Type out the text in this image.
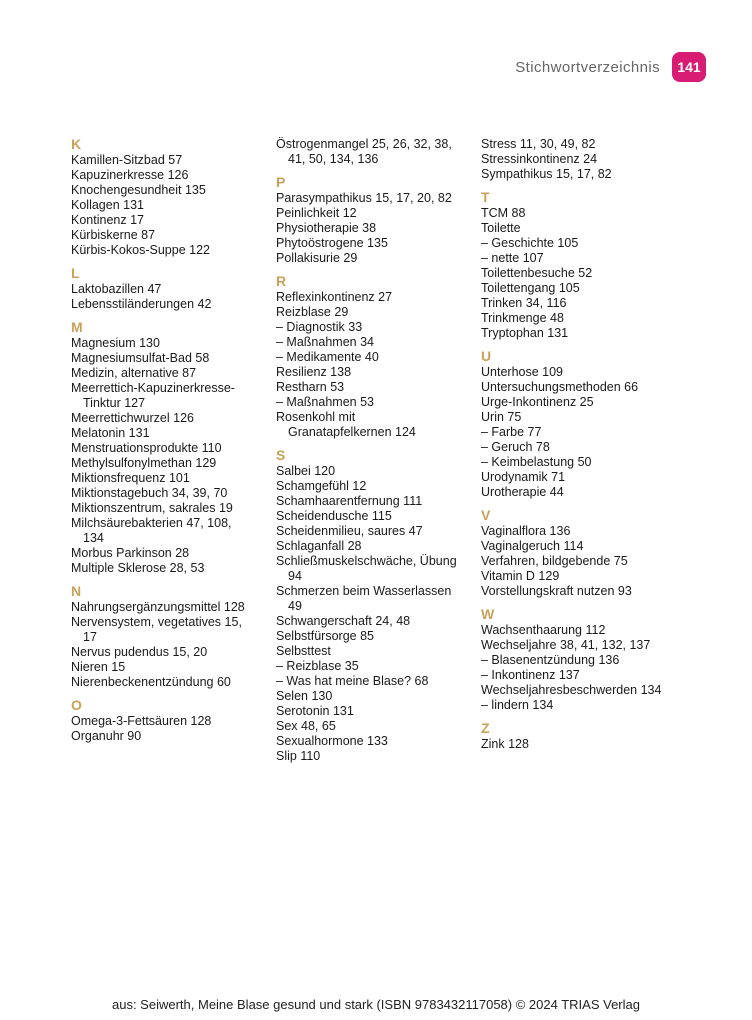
Stichwortverzeichnis	141
K
Kamillen-Sitzbad 57
Kapuzinerkresse 126
Knochengesundheit 135
Kollagen 131
Kontinenz 17
Kürbiskerne 87
Kürbis-Kokos-Suppe 122
L
Laktobazillen 47
Lebensstiländerungen 42
M
Magnesium 130
Magnesiumsulfat-Bad 58
Medizin, alternative 87
Meerrettich-Kapuzinerkresse-
Tinktur 127
Meerrettichwurzel 126
Melatonin 131
Menstruationsprodukte 110
Methylsulfonylmethan 129
Miktionsfrequenz 101
Miktionstagebuch 34, 39, 70
Miktionszentrum, sakrales 19
Milchsäurebakterien 47, 108,
134
Morbus Parkinson 28
Multiple Sklerose 28, 53
N
Nahrungsergänzungsmittel 128
Nervensystem, vegetatives 15,
17
Nervus pudendus 15, 20
Nieren 15
Nierenbeckenentzündung 60
O
Omega-3-Fettsäuren 128
Organuhr 90
Östrogenmangel 25, 26, 32, 38,
41, 50, 134, 136
P
Parasympathikus 15, 17, 20, 82
Peinlichkeit 12
Physiotherapie 38
Phytoöstrogene 135
Pollakisurie 29
R
Reflexinkontinenz 27
Reizblase 29
– Diagnostik 33
– Maßnahmen 34
– Medikamente 40
Resilienz 138
Restharn 53
– Maßnahmen 53
Rosenkohl mit
Granatapfelkernen 124
S
Salbei 120
Schamgefühl 12
Schamhaarentfernung 111
Scheidendusche 115
Scheidenmilieu, saures 47
Schlaganfall 28
Schließmuskelschwäche, Übung
94
Schmerzen beim Wasserlassen
49
Schwangerschaft 24, 48
Selbstfürsorge 85
Selbsttest
– Reizblase 35
– Was hat meine Blase? 68
Selen 130
Serotonin 131
Sex 48, 65
Sexualhormone 133
Slip 110
Stress 11, 30, 49, 82
Stressinkontinenz 24
Sympathikus 15, 17, 82
T
TCM 88
Toilette
– Geschichte 105
– nette 107
Toilettenbesuche 52
Toilettengang 105
Trinken 34, 116
Trinkmenge 48
Tryptophan 131
U
Unterhose 109
Untersuchungsmethoden 66
Urge-Inkontinenz 25
Urin 75
– Farbe 77
– Geruch 78
– Keimbelastung 50
Urodynamik 71
Urotherapie 44
V
Vaginalflora 136
Vaginalgeruch 114
Verfahren, bildgebende 75
Vitamin D 129
Vorstellungskraft nutzen 93
W
Wachsenthaarung 112
Wechseljahre 38, 41, 132, 137
– Blasenentzündung 136
– Inkontinenz 137
Wechseljahresbeschwerden 134
– lindern 134
Z
Zink 128
aus: Seiwerth, Meine Blase gesund und stark (ISBN 9783432117058) © 2024 TRIAS Verlag
